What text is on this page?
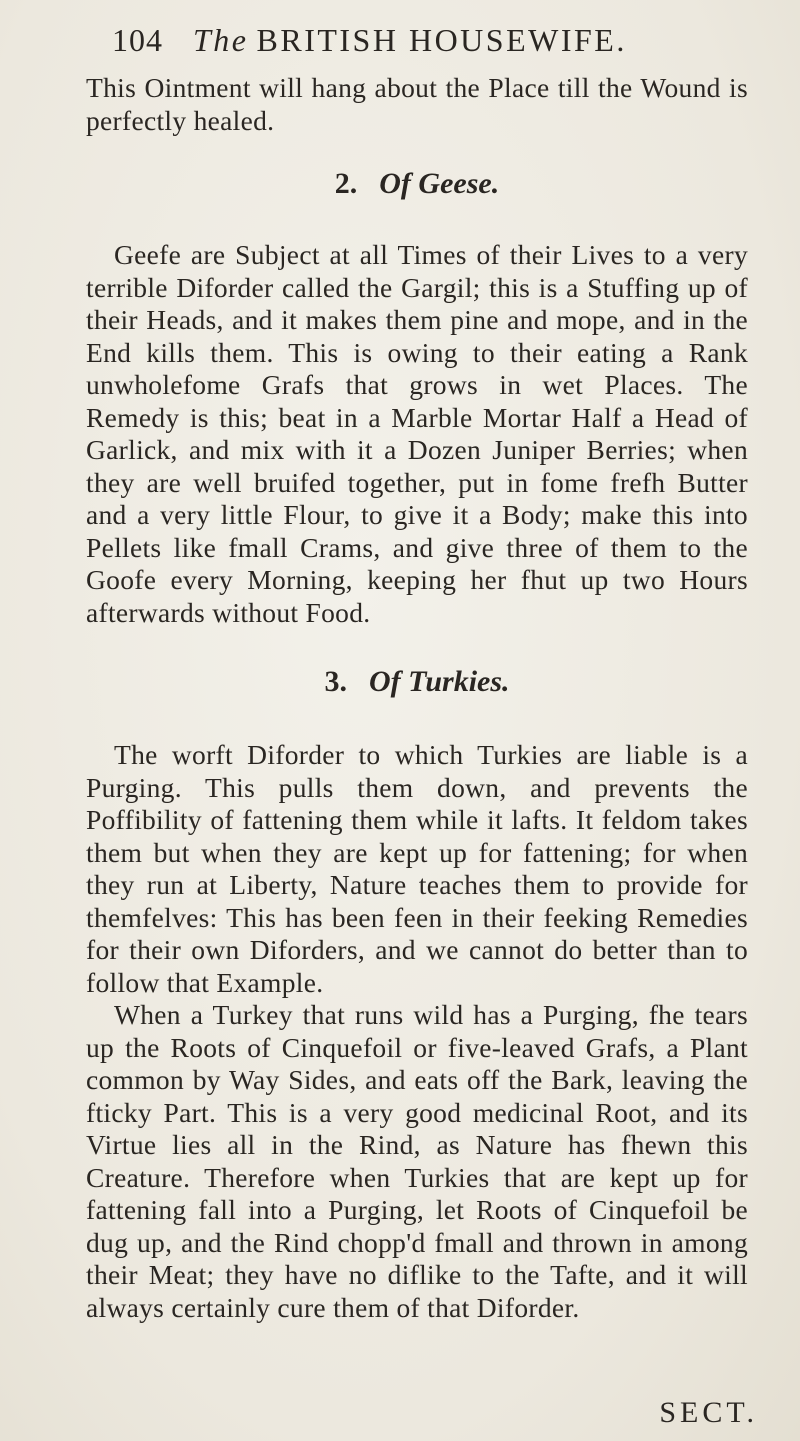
104 The BRITISH HOUSEWIFE.

This Ointment will hang about the Place till the Wound is perfectly healed.

2. Of Geese.

Geefe are Subject at all Times of their Lives to a very terrible Diforder called the Gargil; this is a Stuffing up of their Heads, and it makes them pine and mope, and in the End kills them. This is owing to their eating a Rank unwholefome Grafs that grows in wet Places. The Remedy is this; beat in a Marble Mortar Half a Head of Garlick, and mix with it a Dozen Juniper Berries; when they are well bruifed together, put in fome frefh Butter and a very little Flour, to give it a Body; make this into Pellets like fmall Crams, and give three of them to the Goofe every Morning, keeping her fhut up two Hours afterwards without Food.

3. Of Turkies.

The worft Diforder to which Turkies are liable is a Purging. This pulls them down, and prevents the Poffibility of fattening them while it lafts. It feldom takes them but when they are kept up for fattening; for when they run at Liberty, Nature teaches them to provide for themfelves: This has been feen in their feeking Remedies for their own Diforders, and we cannot do better than to follow that Example.

When a Turkey that runs wild has a Purging, fhe tears up the Roots of Cinquefoil or five-leaved Grafs, a Plant common by Way Sides, and eats off the Bark, leaving the fticky Part. This is a very good medicinal Root, and its Virtue lies all in the Rind, as Nature has fhewn this Creature. Therefore when Turkies that are kept up for fattening fall into a Purging, let Roots of Cinquefoil be dug up, and the Rind chopp'd fmall and thrown in among their Meat; they have no diflike to the Tafte, and it will always certainly cure them of that Diforder.

SECT.
